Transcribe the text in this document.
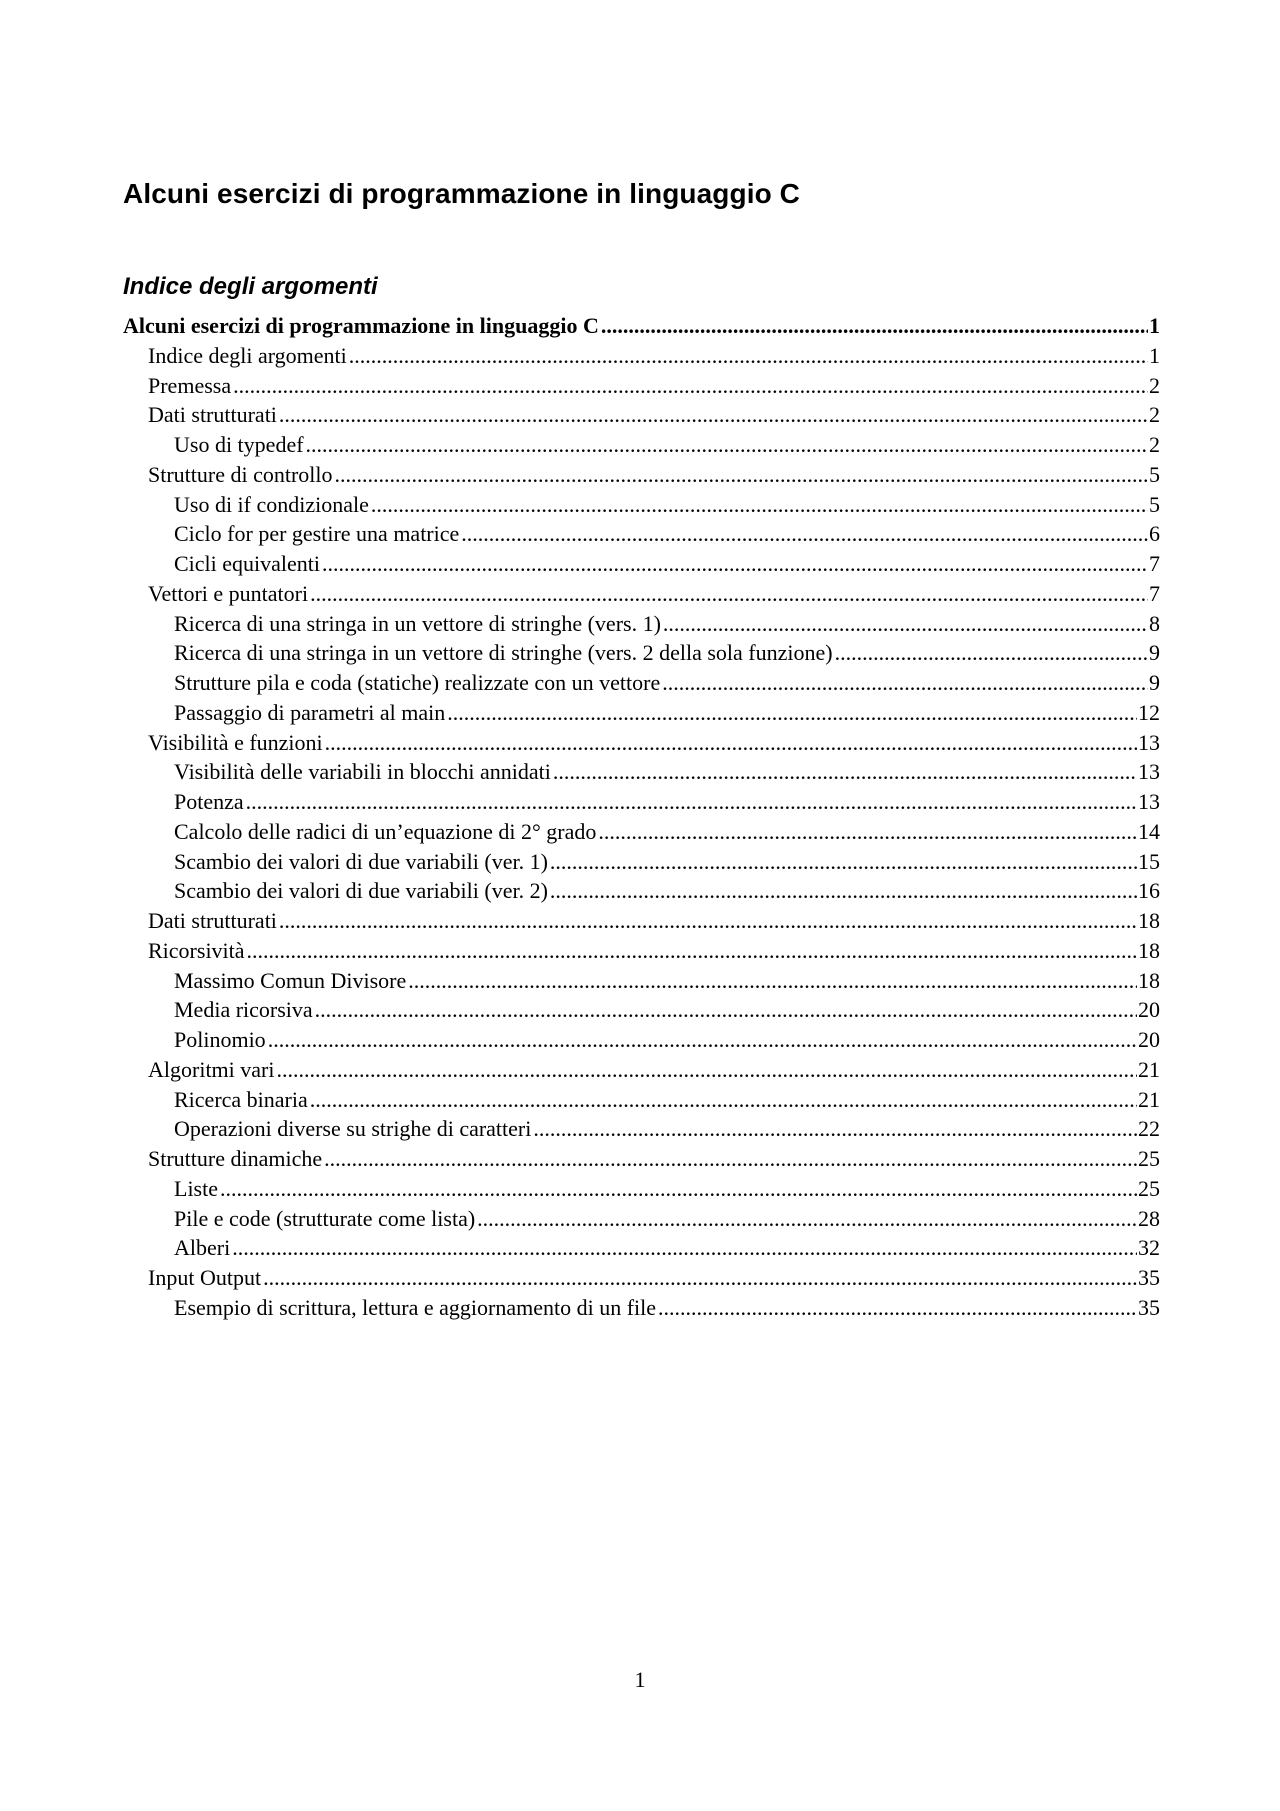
Alcuni esercizi di programmazione in linguaggio C
Indice degli argomenti
Alcuni esercizi di programmazione in linguaggio C .....	1
Indice degli argomenti .....	1
Premessa .....	2
Dati strutturati .....	2
Uso di typedef .....	2
Strutture di controllo .....	5
Uso di if condizionale .....	5
Ciclo for per gestire una matrice .....	6
Cicli equivalenti .....	7
Vettori e puntatori .....	7
Ricerca di una stringa in un vettore di stringhe (vers. 1) .....	8
Ricerca di una stringa in un vettore di stringhe (vers. 2 della sola funzione) .....	9
Strutture pila e coda (statiche) realizzate con un vettore .....	9
Passaggio di parametri al main .....	12
Visibilità e funzioni .....	13
Visibilità delle variabili in blocchi annidati .....	13
Potenza .....	13
Calcolo delle radici di un’equazione di 2° grado .....	14
Scambio dei valori di due variabili (ver. 1) .....	15
Scambio dei valori di due variabili (ver. 2) .....	16
Dati strutturati .....	18
Ricorsività .....	18
Massimo Comun Divisore .....	18
Media ricorsiva .....	20
Polinomio .....	20
Algoritmi vari .....	21
Ricerca binaria .....	21
Operazioni diverse su strighe di caratteri .....	22
Strutture dinamiche .....	25
Liste .....	25
Pile e code (strutturate come lista) .....	28
Alberi .....	32
Input Output .....	35
Esempio di scrittura, lettura e aggiornamento di un file .....	35
1
